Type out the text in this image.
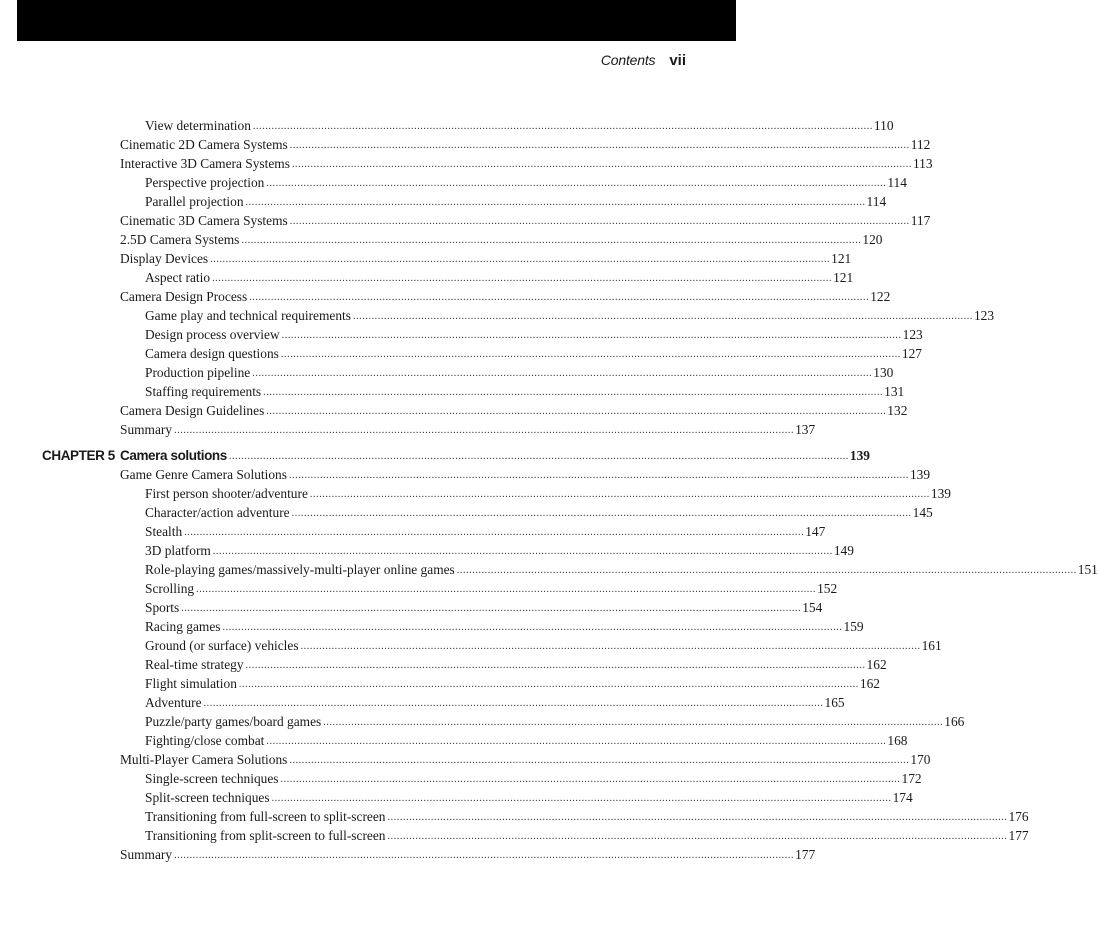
Contents vii
View determination ........................................................................................................................................................................................................ 110
Cinematic 2D Camera Systems ........................................................................................................................................................................................................ 112
Interactive 3D Camera Systems ........................................................................................................................................................................................................ 113
Perspective projection ........................................................................................................................................................................................................ 114
Parallel projection ........................................................................................................................................................................................................ 114
Cinematic 3D Camera Systems ........................................................................................................................................................................................................ 117
2.5D Camera Systems ........................................................................................................................................................................................................ 120
Display Devices ........................................................................................................................................................................................................ 121
Aspect ratio ........................................................................................................................................................................................................ 121
Camera Design Process ........................................................................................................................................................................................................ 122
Game play and technical requirements ........................................................................................................................................................................................................ 123
Design process overview ........................................................................................................................................................................................................ 123
Camera design questions ........................................................................................................................................................................................................ 127
Production pipeline ........................................................................................................................................................................................................ 130
Staffing requirements ........................................................................................................................................................................................................ 131
Camera Design Guidelines ........................................................................................................................................................................................................ 132
Summary ........................................................................................................................................................................................................ 137
CHAPTER 5 Camera solutions ........................................................................................................................................................................................................ 139
Game Genre Camera Solutions ........................................................................................................................................................................................................ 139
First person shooter/adventure ........................................................................................................................................................................................................ 139
Character/action adventure ........................................................................................................................................................................................................ 145
Stealth ........................................................................................................................................................................................................ 147
3D platform ........................................................................................................................................................................................................ 149
Role-playing games/massively-multi-player online games ........................................................................................................................................................................................................ 151
Scrolling ........................................................................................................................................................................................................ 152
Sports ........................................................................................................................................................................................................ 154
Racing games ........................................................................................................................................................................................................ 159
Ground (or surface) vehicles ........................................................................................................................................................................................................ 161
Real-time strategy ........................................................................................................................................................................................................ 162
Flight simulation ........................................................................................................................................................................................................ 162
Adventure ........................................................................................................................................................................................................ 165
Puzzle/party games/board games ........................................................................................................................................................................................................ 166
Fighting/close combat ........................................................................................................................................................................................................ 168
Multi-Player Camera Solutions ........................................................................................................................................................................................................ 170
Single-screen techniques ........................................................................................................................................................................................................ 172
Split-screen techniques ........................................................................................................................................................................................................ 174
Transitioning from full-screen to split-screen ........................................................................................................................................................................................................ 176
Transitioning from split-screen to full-screen ........................................................................................................................................................................................................ 177
Summary ........................................................................................................................................................................................................ 177
